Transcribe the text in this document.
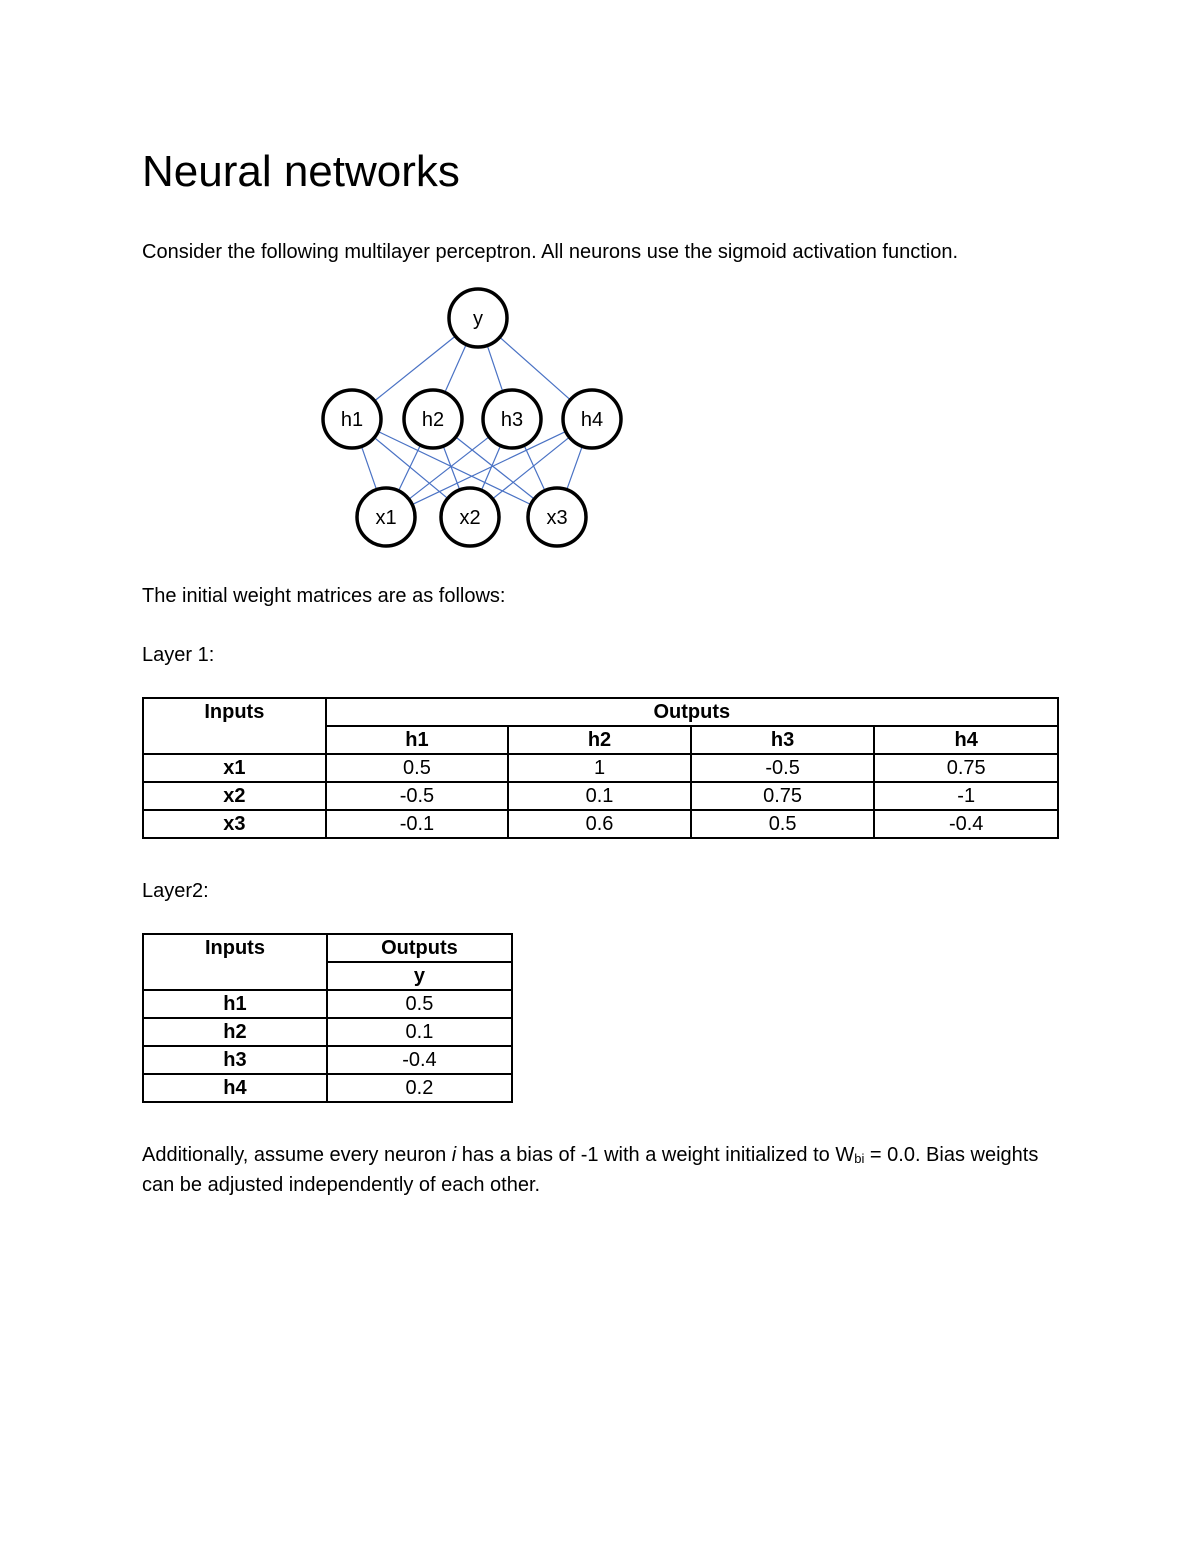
Neural networks

Consider the following multilayer perceptron. All neurons use the sigmoid activation function.

y
h1	h2	h3	h4
x1	x2	x3

The initial weight matrices are as follows:

Layer 1:

Inputs	Outputs			
	h1	h2	h3	h4
x1	0.5	1	-0.5	0.75
x2	-0.5	0.1	0.75	-1
x3	-0.1	0.6	0.5	-0.4

Layer2:

Inputs	Outputs
	y
h1	0.5
h2	0.1
h3	-0.4
h4	0.2

Additionally, assume every neuron i has a bias of -1 with a weight initialized to Wbi = 0.0. Bias weights can be adjusted independently of each other.
